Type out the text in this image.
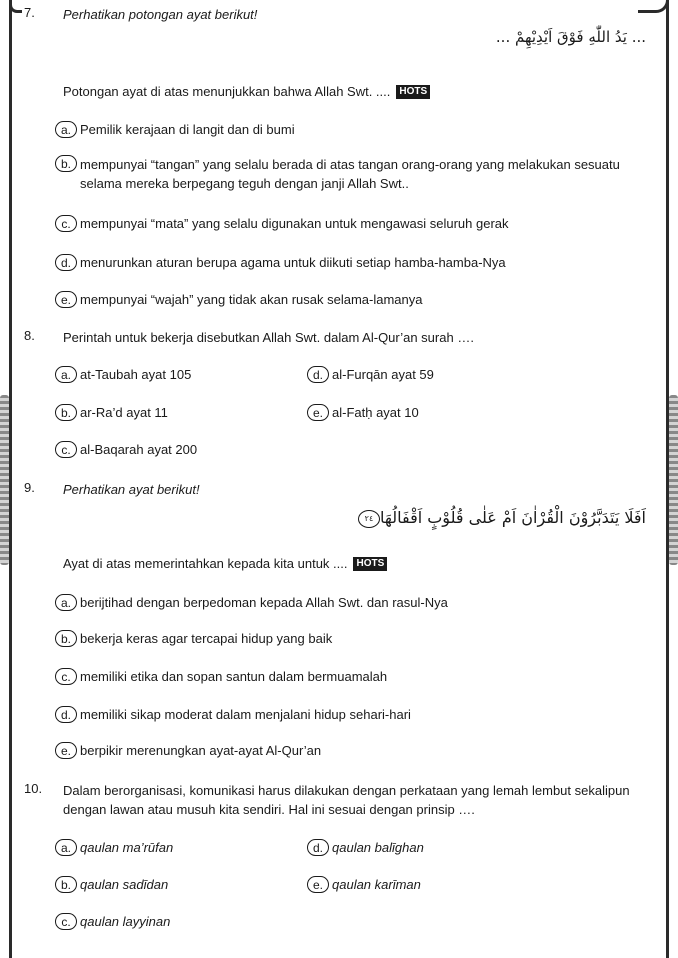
7. Perhatikan potongan ayat berikut!
... يَدُ اللّٰهِ فَوْقَ اَيْدِيْهِمْ ...
Potongan ayat di atas menunjukkan bahwa Allah Swt. .... HOTS
a. Pemilik kerajaan di langit dan di bumi
b. mempunyai “tangan” yang selalu berada di atas tangan orang-orang yang melakukan sesuatu selama mereka berpegang teguh dengan janji Allah Swt..
c. mempunyai “mata” yang selalu digunakan untuk mengawasi seluruh gerak
d. menurunkan aturan berupa agama untuk diikuti setiap hamba-hamba-Nya
e. mempunyai “wajah” yang tidak akan rusak selama-lamanya
8. Perintah untuk bekerja disebutkan Allah Swt. dalam Al-Qur’an surah ….
a. at-Taubah ayat 105
b. ar-Ra’d ayat 11
c. al-Baqarah ayat 200
d. al-Furqān ayat 59
e. al-Fatḥ ayat 10
9. Perhatikan ayat berikut!
اَفَلَا يَتَدَبَّرُوْنَ الْقُرْاٰنَ اَمْ عَلٰى قُلُوْبٍ اَقْفَالُهَا٢٤
Ayat di atas memerintahkan kepada kita untuk .... HOTS
a. berijtihad dengan berpedoman kepada Allah Swt. dan rasul-Nya
b. bekerja keras agar tercapai hidup yang baik
c. memiliki etika dan sopan santun dalam bermuamalah
d. memiliki sikap moderat dalam menjalani hidup sehari-hari
e. berpikir merenungkan ayat-ayat Al-Qur’an
10. Dalam berorganisasi, komunikasi harus dilakukan dengan perkataan yang lemah lembut sekalipun dengan lawan atau musuh kita sendiri. Hal ini sesuai dengan prinsip ….
a. qaulan ma’rūfan
b. qaulan sadīdan
c. qaulan layyinan
d. qaulan balīghan
e. qaulan karīman
